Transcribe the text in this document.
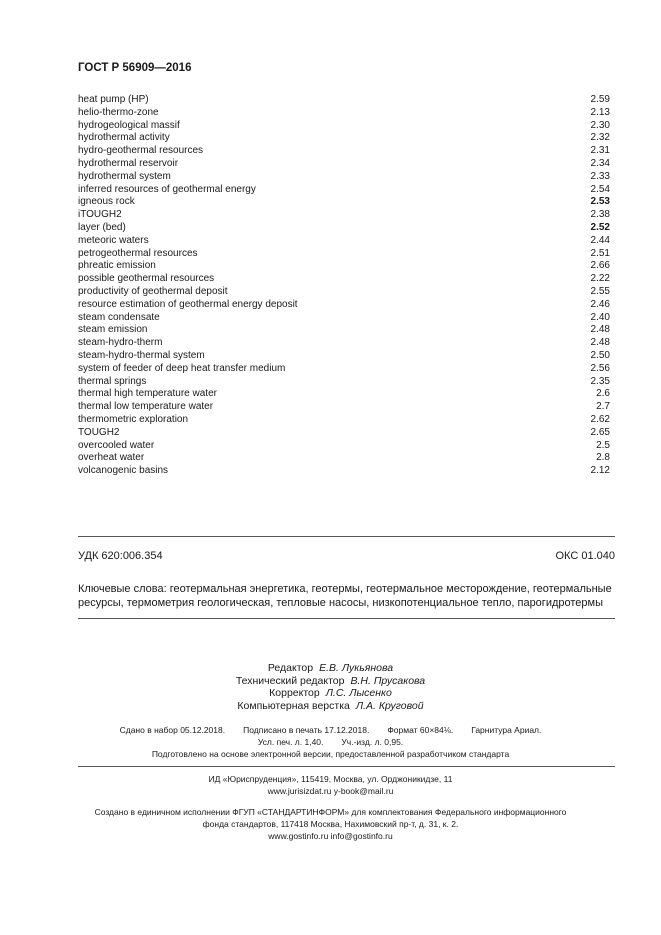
ГОСТ Р 56909—2016
heat pump (HP)	2.59
helio-thermo-zone	2.13
hydrogeological massif	2.30
hydrothermal activity	2.32
hydro-geothermal resources	2.31
hydrothermal reservoir	2.34
hydrothermal system	2.33
inferred resources of geothermal energy	2.54
igneous rock	2.53
iTOUGH2	2.38
layer (bed)	2.52
meteoric waters	2.44
petrogeothermal resources	2.51
phreatic emission	2.66
possible geothermal resources	2.22
productivity of geothermal deposit	2.55
resource estimation of geothermal energy deposit	2.46
steam condensate	2.40
steam emission	2.48
steam-hydro-therm	2.48
steam-hydro-thermal system	2.50
system of feeder of deep heat transfer medium	2.56
thermal springs	2.35
thermal high temperature water	2.6
thermal low temperature water	2.7
thermometric exploration	2.62
TOUGH2	2.65
overcooled water	2.5
overheat water	2.8
volcanogenic basins	2.12
УДК 620:006.354	ОКС 01.040
Ключевые слова: геотермальная энергетика, геотермы, геотермальное месторождение, геотермальные ресурсы, термометрия геологическая, тепловые насосы, низкопотенциальное тепло, парогидротермы
Редактор Е.В. Лукьянова
Технический редактор В.Н. Прусакова
Корректор Л.С. Лысенко
Компьютерная верстка Л.А. Круговой
Сдано в набор 05.12.2018. Подписано в печать 17.12.2018. Формат 60×84⅛. Гарнитура Ариал.
Усл. печ. л. 1,40. Уч.-изд. л. 0,95.
Подготовлено на основе электронной версии, предоставленной разработчиком стандарта
ИД «Юриспруденция», 115419, Москва, ул. Орджоникидзе, 11
www.jurisizdat.ru y-book@mail.ru
Создано в единичном исполнении ФГУП «СТАНДАРТИНФОРМ» для комплектования Федерального информационного
фонда стандартов, 117418 Москва, Нахимовский пр-т, д. 31, к. 2.
www.gostinfo.ru info@gostinfo.ru
